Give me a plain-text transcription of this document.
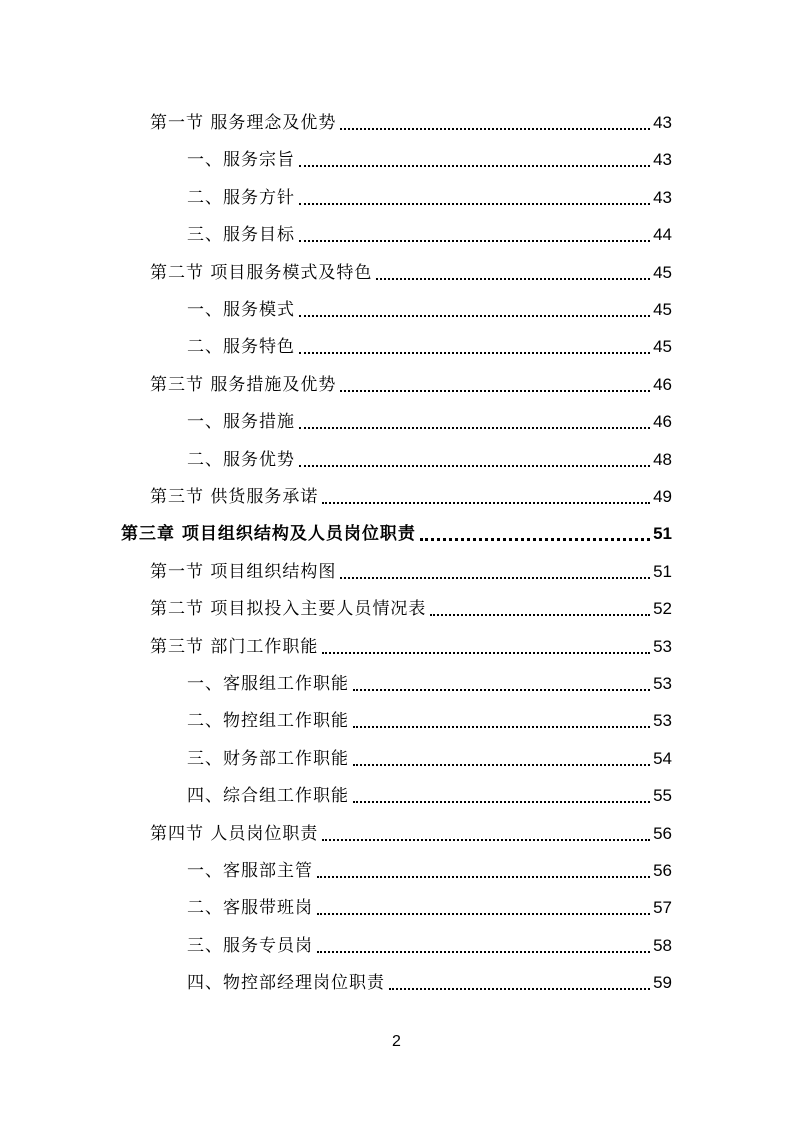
第一节 服务理念及优势	43
一、服务宗旨	43
二、服务方针	43
三、服务目标	44
第二节 项目服务模式及特色	45
一、服务模式	45
二、服务特色	45
第三节 服务措施及优势	46
一、服务措施	46
二、服务优势	48
第三节 供货服务承诺	49
第三章 项目组织结构及人员岗位职责	51
第一节 项目组织结构图	51
第二节 项目拟投入主要人员情况表	52
第三节 部门工作职能	53
一、客服组工作职能	53
二、物控组工作职能	53
三、财务部工作职能	54
四、综合组工作职能	55
第四节 人员岗位职责	56
一、客服部主管	56
二、客服带班岗	57
三、服务专员岗	58
四、物控部经理岗位职责	59
2
